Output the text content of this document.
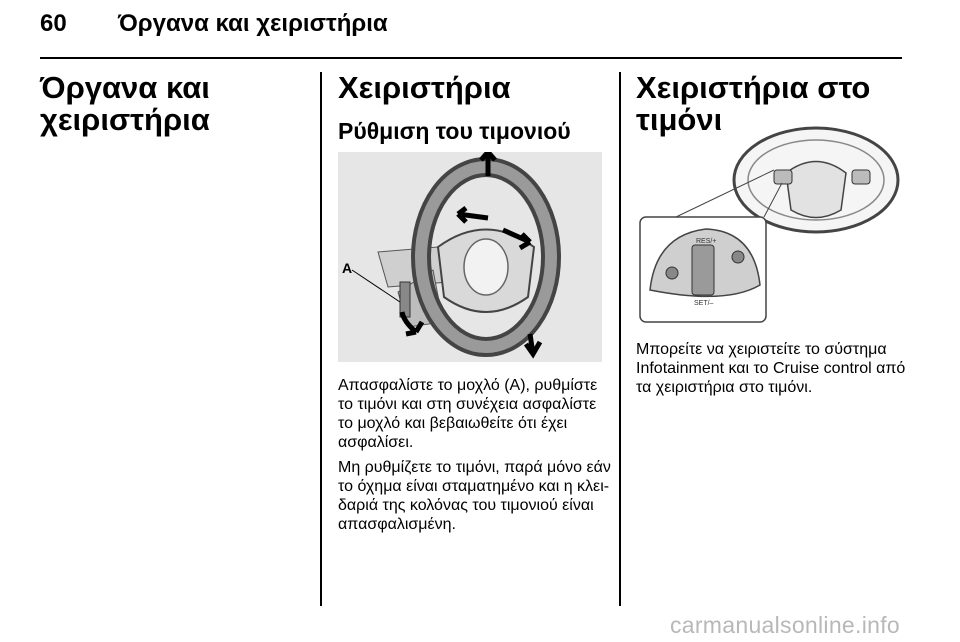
60 Όργανα και χειριστήρια
Όργανα και
χειριστήρια
Χειριστήρια
Ρύθμιση του τιμονιού
A
Απασφαλίστε το μοχλό (A), ρυθμίστε
το τιμόνι και στη συνέχεια ασφαλίστε
το μοχλό και βεβαιωθείτε ότι έχει
ασφαλίσει.
Μη ρυθμίζετε το τιμόνι, παρά μόνο εάν
το όχημα είναι σταματημένο και η κλει-
δαριά της κολόνας του τιμονιού είναι
απασφαλισμένη.
Χειριστήρια στο τιμόνι
RES/+
SET/–
Μπορείτε να χειριστείτε το σύστημα
Infotainment και το Cruise control από
τα χειριστήρια στο τιμόνι.
carmanualsonline.info
